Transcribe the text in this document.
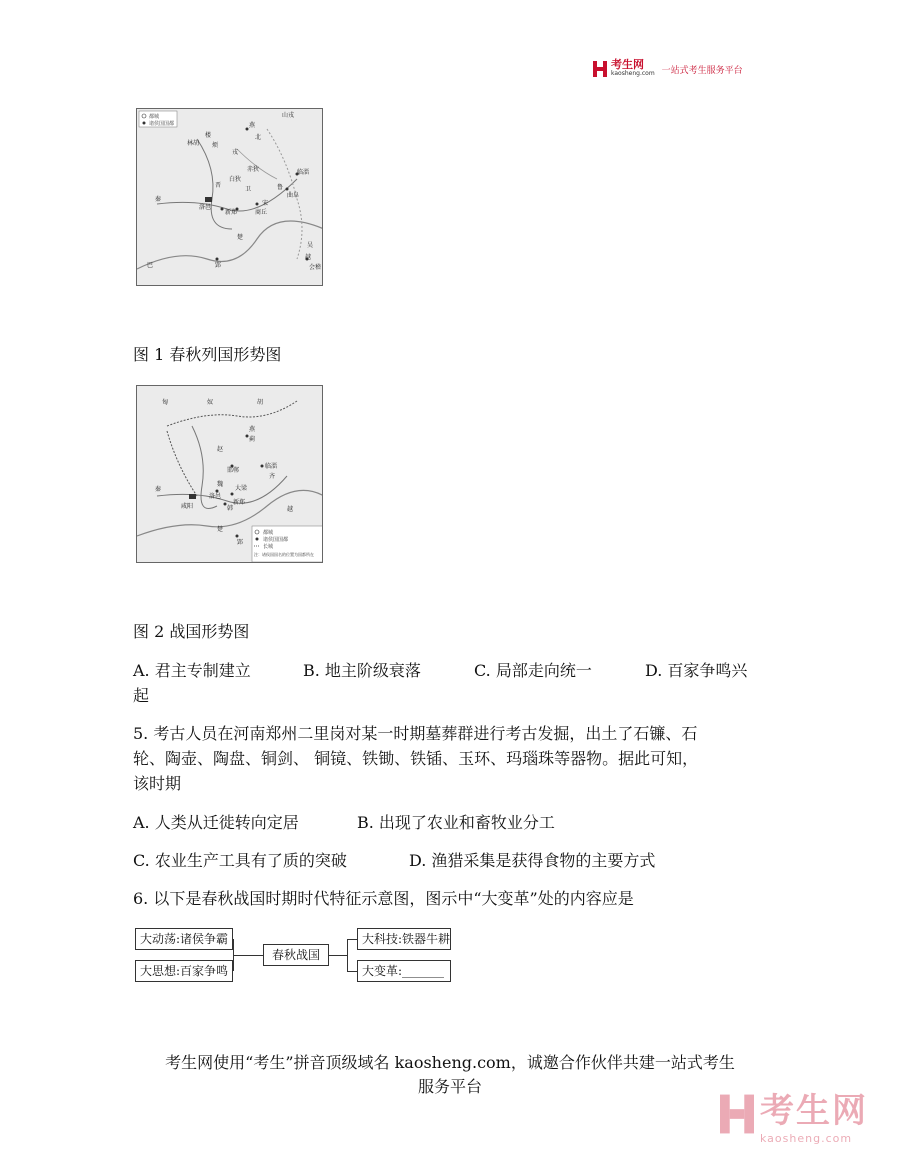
考生网
kaosheng.com 一站式考生服务平台
都城
诸侯国国都
山戎
楼
林胡
燕
烦
北
戎
白狄
赤狄	临淄
秦
曲阜
晋
新郑	商丘
洛邑
宋
楚
吴
越
会稽
巴	郢
鲁
卫
图 1 春秋列国形势图
都城
诸侯国国都
长城
注：诸侯国国名的位置为国都所在
匈	奴	胡
燕
蓟
赵
邯郸
临淄
齐
秦
咸阳
魏
大梁
洛邑
韩
新郑
楚
郢
越
图 2 战国形势图
A. 君主专制建立	B. 地主阶级衰落	C. 局部走向统一	D. 百家争鸣兴
起
5. 考古人员在河南郑州二里岗对某一时期墓葬群进行考古发掘，出土了石镰、石
轮、陶壶、陶盘、铜剑、 铜镜、铁锄、铁锸、玉环、玛瑙珠等器物。据此可知，
该时期
A. 人类从迁徙转向定居	B. 出现了农业和畜牧业分工
C. 农业生产工具有了质的突破	D. 渔猎采集是获得食物的主要方式
6. 以下是春秋战国时期时代特征示意图，图示中“大变革”处的内容应是
大动荡:诸侯争霸
大思想:百家争鸣
春秋战国
大科技:铁器牛耕
大变革:_______
考生网使用“考生”拼音顶级域名 kaosheng.com，诚邀合作伙伴共建一站式考生
服务平台
考生网
kaosheng.com
